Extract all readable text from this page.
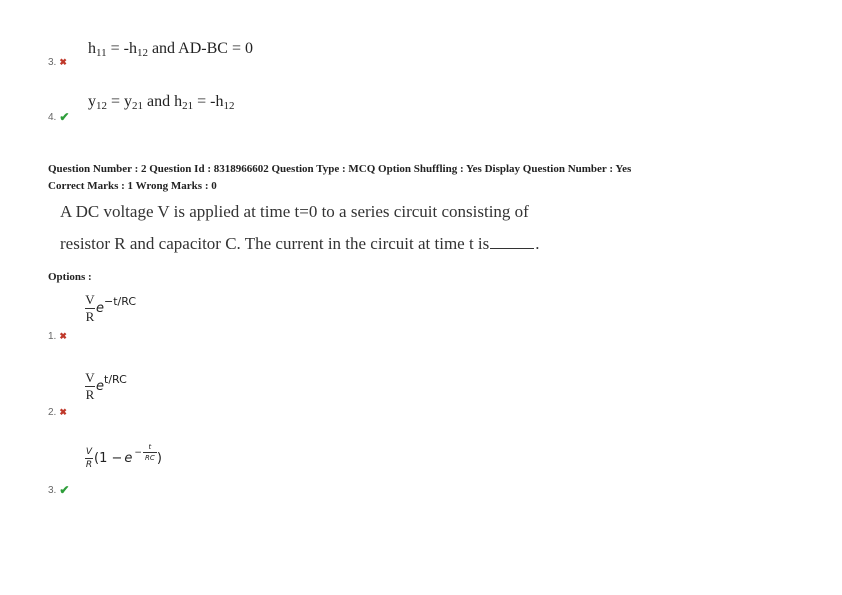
$h_{11} = -h_{12}$ and AD-BC = 0
3. ✖
$y_{12} = y_{21}$ and $h_{21} = -h_{12}$
4. ✔
Question Number : 2 Question Id : 8318966602 Question Type : MCQ Option Shuffling : Yes Display Question Number : Yes
Correct Marks : 1 Wrong Marks : 0
A DC voltage V is applied at time t=0 to a series circuit consisting of
resistor R and capacitor C. The current in the circuit at time t is	.
Options :
$\frac{V}{R}$ e −t/RC
1. ✖
$\frac{V}{R}$ e t/RC
2. ✖
$\frac{V}{R} (1 - e - \frac{t}{RC}$ )
3. ✔
